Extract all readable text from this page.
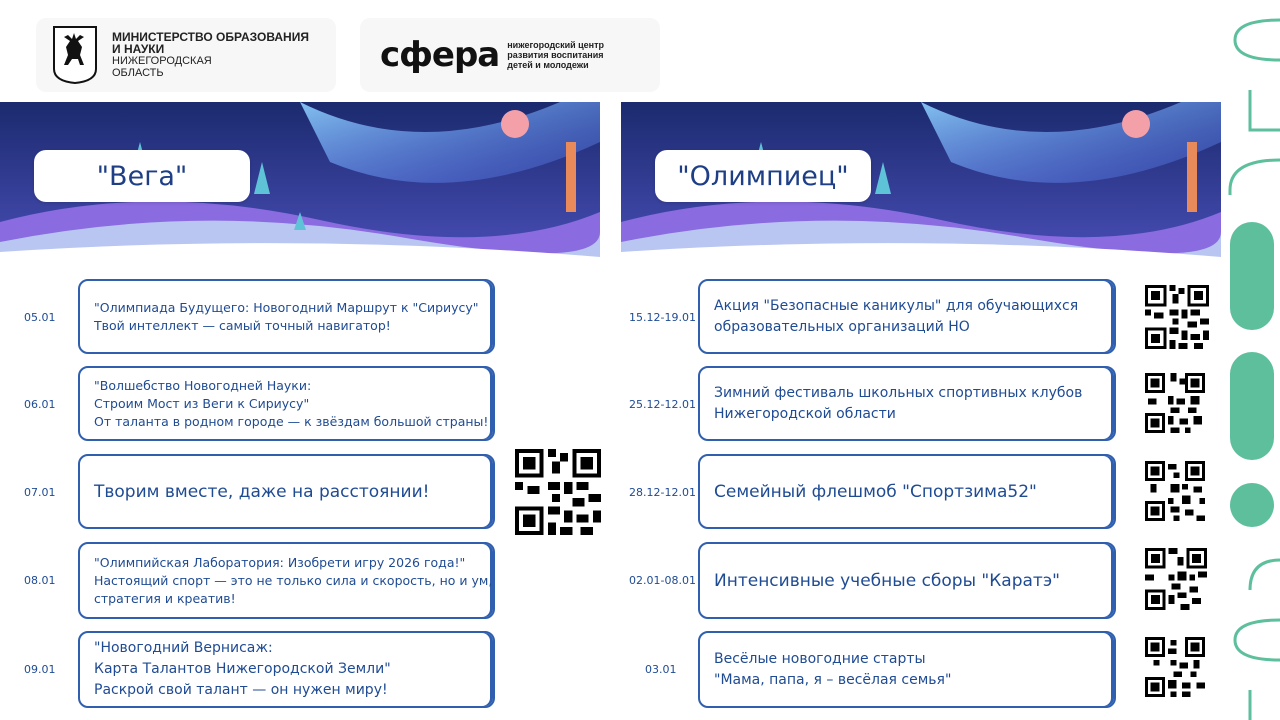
МИНИСТЕРСТВО ОБРАЗОВАНИЯ
И НАУКИ
НИЖЕГОРОДСКАЯ
ОБЛАСТЬ	сфера нижегородский центр
развития воспитания
детей и молодежи
"Вега"	"Олимпиец"
05.01
"Олимпиада Будущего: Новогодний Маршрут к "Сириусу"
Твой интеллект — самый точный навигатор!
06.01
"Волшебство Новогодней Науки:
Строим Мост из Веги к Сириусу"
От таланта в родном городе — к звёздам большой страны!
07.01 Творим вместе, даже на расстоянии!
08.01
"Олимпийская Лаборатория: Изобрети игру 2026 года!"
Настоящий спорт — это не только сила и скорость, но и ум,
стратегия и креатив!
09.01
"Новогодний Вернисаж:
Карта Талантов Нижегородской Земли"
Раскрой свой талант — он нужен миру!
15.12-19.01
Акция "Безопасные каникулы" для обучающихся
образовательных организаций НО
25.12-12.01
Зимний фестиваль школьных спортивных клубов
Нижегородской области
28.12-12.01 Семейный флешмоб "Спортзима52"
02.01-08.01 Интенсивные учебные сборы "Каратэ"
03.01
Весёлые новогодние старты
"Мама, папа, я – весёлая семья"
